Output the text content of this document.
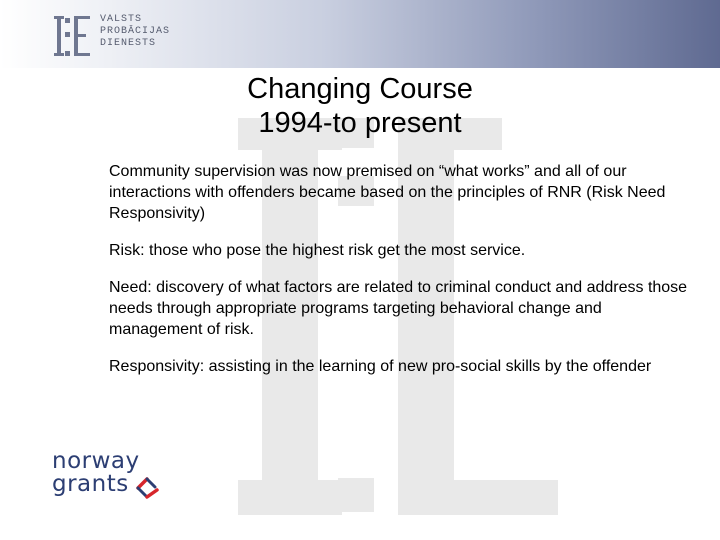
VALSTS
PROBĀCIJAS
DIENESTS
Changing Course
1994-to present

Community supervision was now premised on “what works” and all of our interactions with offenders became based on the principles of RNR (Risk Need Responsivity)

Risk: those who pose the highest risk get the most service.

Need: discovery of what factors are related to criminal conduct and address those needs through appropriate programs targeting behavioral change and management of risk.

Responsivity: assisting in the learning of new pro-social skills by the offender

norway
grants
